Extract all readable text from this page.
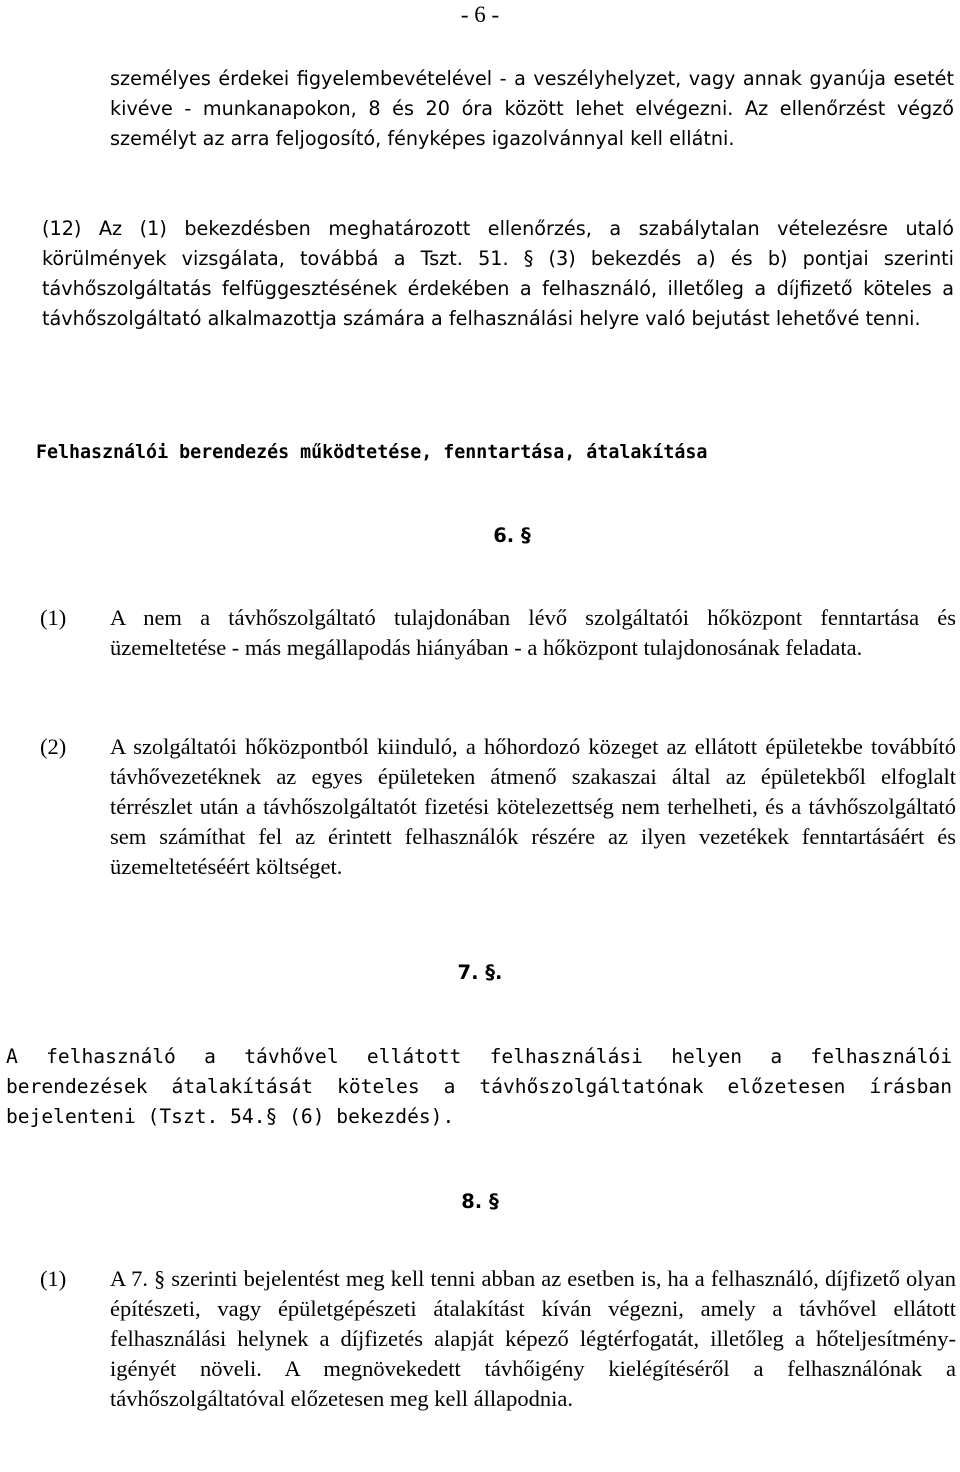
- 6 -
személyes érdekei figyelembevételével - a veszélyhelyzet, vagy annak gyanúja esetét kivéve - munkanapokon, 8 és 20 óra között lehet elvégezni. Az ellenőrzést végző személyt az arra feljogosító, fényképes igazolvánnyal kell ellátni.
(12) Az (1) bekezdésben meghatározott ellenőrzés, a szabálytalan vételezésre utaló körülmények vizsgálata, továbbá a Tszt. 51. § (3) bekezdés a) és b) pontjai szerinti távhőszolgáltatás felfüggesztésének érdekében a felhasználó, illetőleg a díjfizető köteles a távhőszolgáltató alkalmazottja számára a felhasználási helyre való bejutást lehetővé tenni.
Felhasználói berendezés működtetése, fenntartása, átalakítása
6. §
(1)	A nem a távhőszolgáltató tulajdonában lévő szolgáltatói hőközpont fenntartása és üzemeltetése - más megállapodás hiányában - a hőközpont tulajdonosának feladata.
(2)	A szolgáltatói hőközpontból kiinduló, a hőhordozó közeget az ellátott épületekbe továbbító távhővezetéknek az egyes épületeken átmenő szakaszai által az épületekből elfoglalt térrészlet után a távhőszolgáltatót fizetési kötelezettség nem terhelheti, és a távhőszolgáltató sem számíthat fel az érintett felhasználók részére az ilyen vezetékek fenntartásáért és üzemeltetéséért költséget.
7. §.
A felhasználó a távhővel ellátott felhasználási helyen a felhasználói berendezések átalakítását köteles a távhőszolgáltatónak előzetesen írásban bejelenteni (Tszt. 54.§ (6) bekezdés).
8. §
(1)	A 7. § szerinti bejelentést meg kell tenni abban az esetben is, ha a felhasználó, díjfizető olyan építészeti, vagy épületgépészeti átalakítást kíván végezni, amely a távhővel ellátott felhasználási helynek a díjfizetés alapját képező légtérfogatát, illetőleg a hőteljesítmény-igényét növeli. A megnövekedett távhőigény kielégítéséről a felhasználónak a távhőszolgáltatóval előzetesen meg kell állapodnia.
